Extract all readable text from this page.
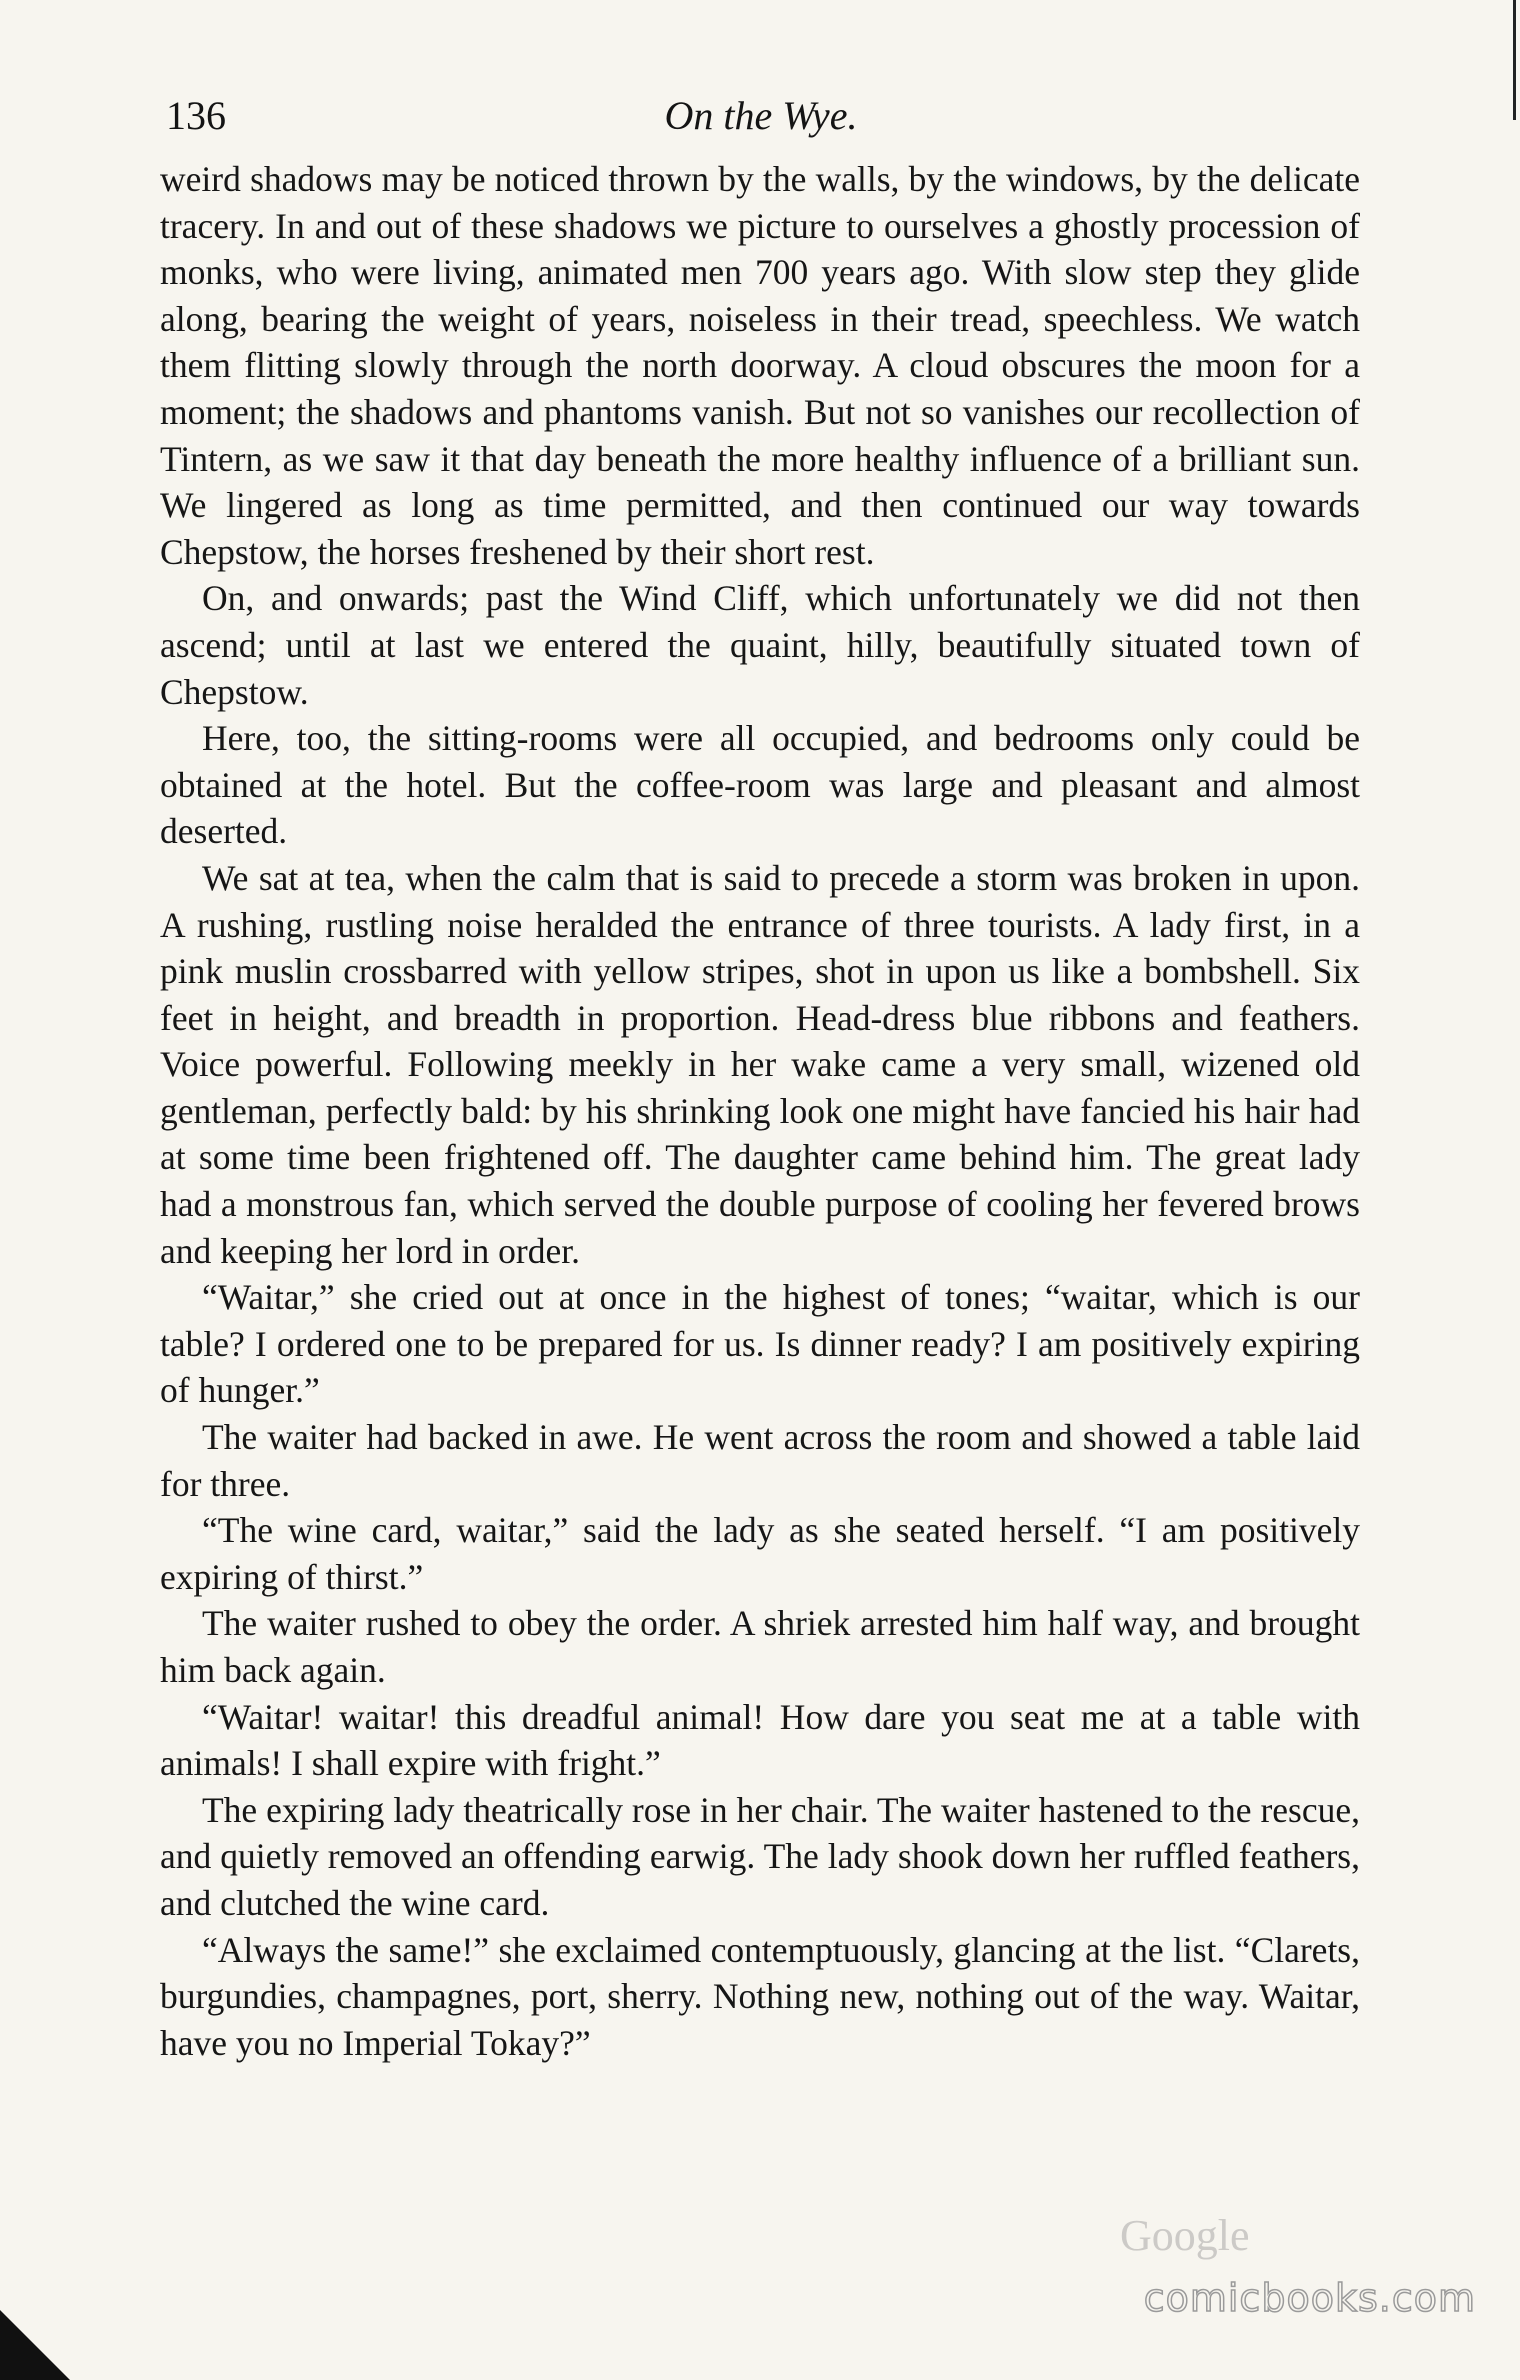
136	On the Wye.

weird shadows may be noticed thrown by the walls, by the windows, by the delicate tracery. In and out of these shadows we picture to ourselves a ghostly procession of monks, who were living, animated men 700 years ago. With slow step they glide along, bearing the weight of years, noiseless in their tread, speechless. We watch them flitting slowly through the north doorway. A cloud obscures the moon for a moment; the shadows and phantoms vanish. But not so vanishes our recollection of Tintern, as we saw it that day beneath the more healthy influence of a brilliant sun. We lingered as long as time permitted, and then continued our way towards Chepstow, the horses freshened by their short rest.

On, and onwards; past the Wind Cliff, which unfortunately we did not then ascend; until at last we entered the quaint, hilly, beautifully situated town of Chepstow.

Here, too, the sitting-rooms were all occupied, and bedrooms only could be obtained at the hotel. But the coffee-room was large and pleasant and almost deserted.

We sat at tea, when the calm that is said to precede a storm was broken in upon. A rushing, rustling noise heralded the entrance of three tourists. A lady first, in a pink muslin crossbarred with yellow stripes, shot in upon us like a bombshell. Six feet in height, and breadth in proportion. Head-dress blue ribbons and feathers. Voice powerful. Following meekly in her wake came a very small, wizened old gentleman, perfectly bald: by his shrinking look one might have fancied his hair had at some time been frightened off. The daughter came behind him. The great lady had a monstrous fan, which served the double purpose of cooling her fevered brows and keeping her lord in order.

“Waitar,” she cried out at once in the highest of tones; “waitar, which is our table? I ordered one to be prepared for us. Is dinner ready? I am positively expiring of hunger.”

The waiter had backed in awe. He went across the room and showed a table laid for three.

“The wine card, waitar,” said the lady as she seated herself. “I am positively expiring of thirst.”

The waiter rushed to obey the order. A shriek arrested him half way, and brought him back again.

“Waitar! waitar! this dreadful animal! How dare you seat me at a table with animals! I shall expire with fright.”

The expiring lady theatrically rose in her chair. The waiter hastened to the rescue, and quietly removed an offending earwig. The lady shook down her ruffled feathers, and clutched the wine card.

“Always the same!” she exclaimed contemptuously, glancing at the list. “Clarets, burgundies, champagnes, port, sherry. Nothing new, nothing out of the way. Waitar, have you no Imperial Tokay?”

Google
comicbooks.com
